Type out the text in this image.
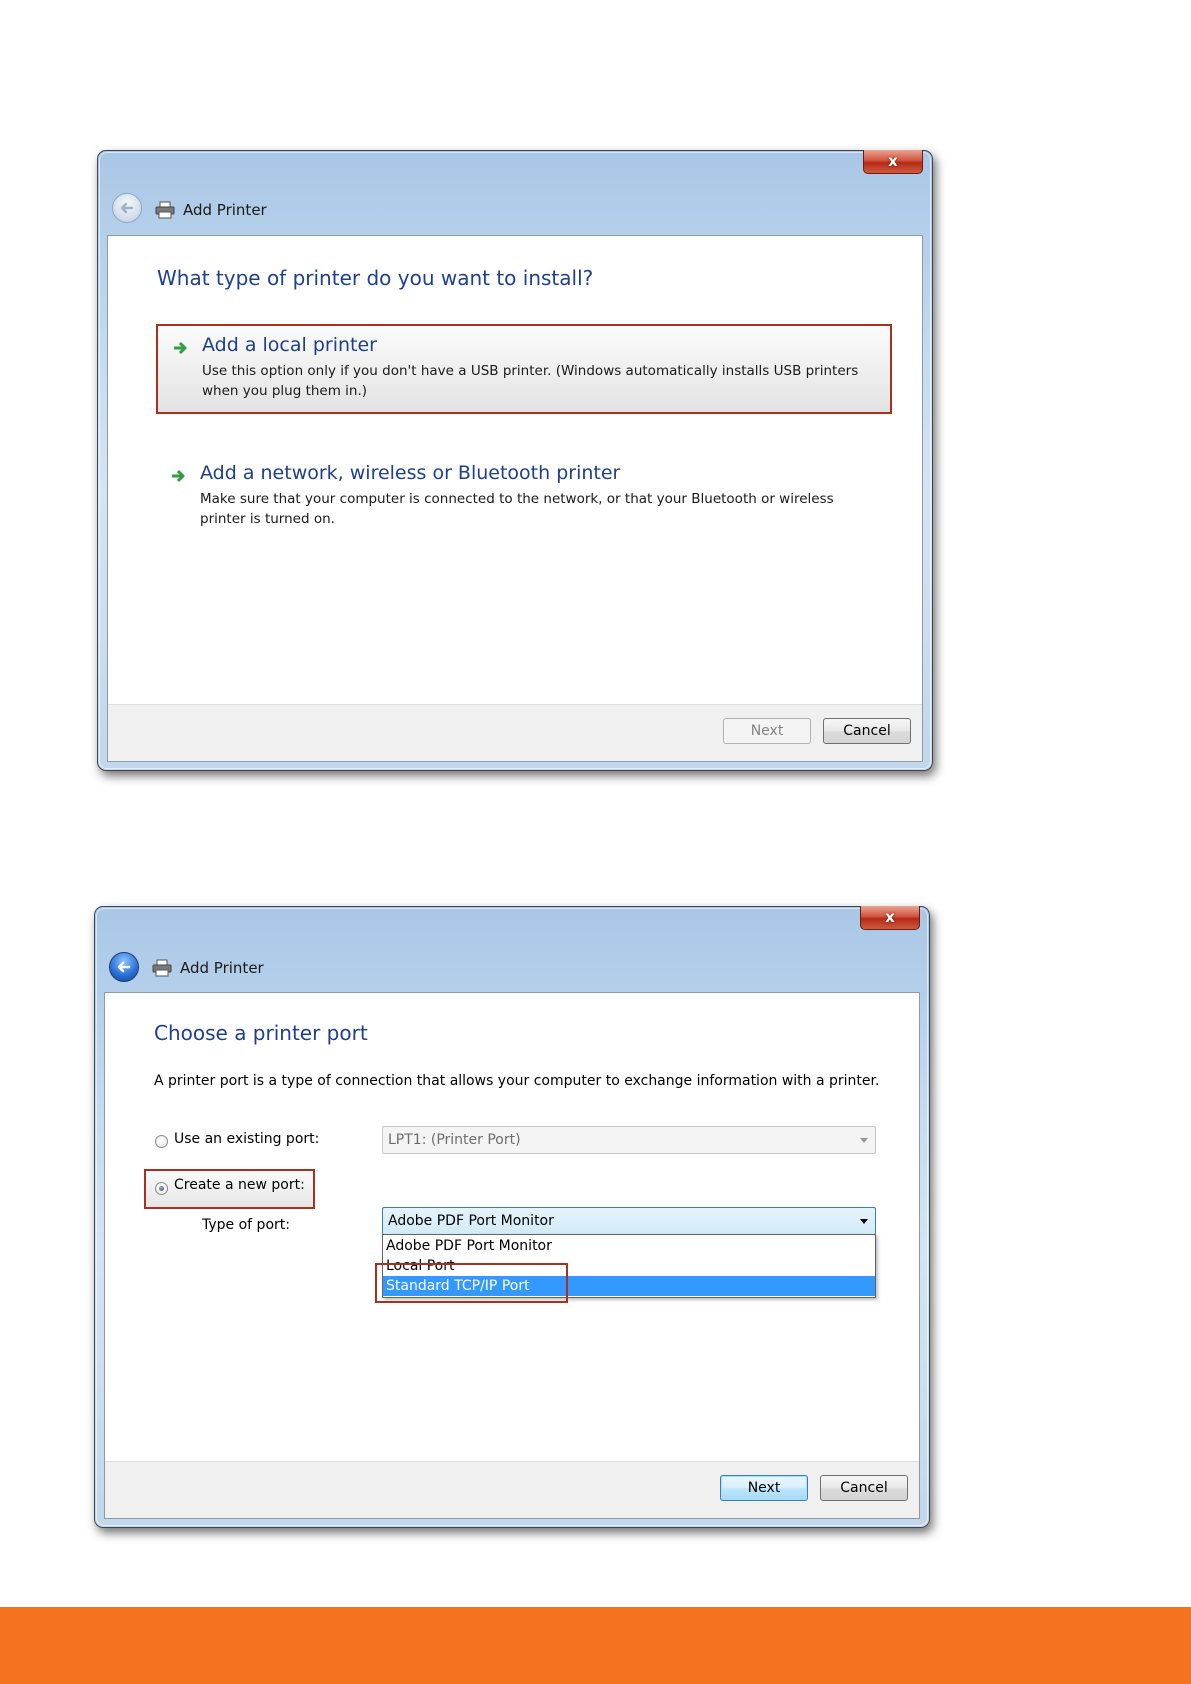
x
Add Printer
What type of printer do you want to install?
Add a local printer
Use this option only if you don't have a USB printer. (Windows automatically installs USB printers
when you plug them in.)
Add a network, wireless or Bluetooth printer
Make sure that your computer is connected to the network, or that your Bluetooth or wireless
printer is turned on.
Next	Cancel
x
Add Printer
Choose a printer port
A printer port is a type of connection that allows your computer to exchange information with a printer.
Use an existing port:	LPT1: (Printer Port)
Create a new port:
Type of port:	Adobe PDF Port Monitor
Adobe PDF Port Monitor
Local Port
Standard TCP/IP Port
Next	Cancel
